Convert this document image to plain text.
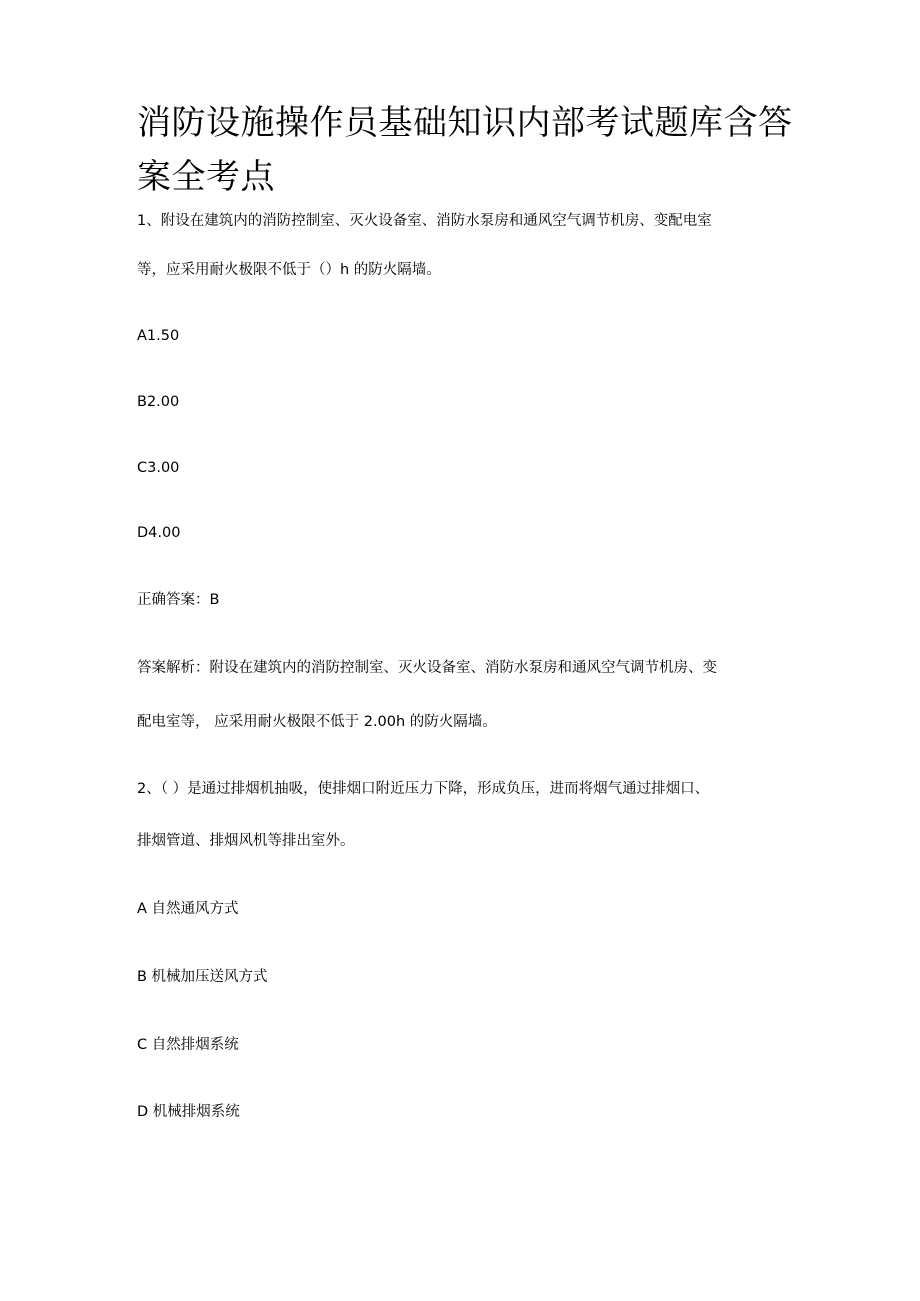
消防设施操作员基础知识内部考试题库含答案全考点

1、附设在建筑内的消防控制室、灭火设备室、消防水泵房和通风空气调节机房、变配电室

等，应采用耐火极限不低于（）h 的防火隔墙。

A1.50

B2.00

C3.00

D4.00

正确答案：B

答案解析：附设在建筑内的消防控制室、灭火设备室、消防水泵房和通风空气调节机房、变

配电室等， 应采用耐火极限不低于 2.00h 的防火隔墙。

2、（ ）是通过排烟机抽吸，使排烟口附近压力下降，形成负压，进而将烟气通过排烟口、

排烟管道、排烟风机等排出室外。

A 自然通风方式

B 机械加压送风方式

C 自然排烟系统

D 机械排烟系统
